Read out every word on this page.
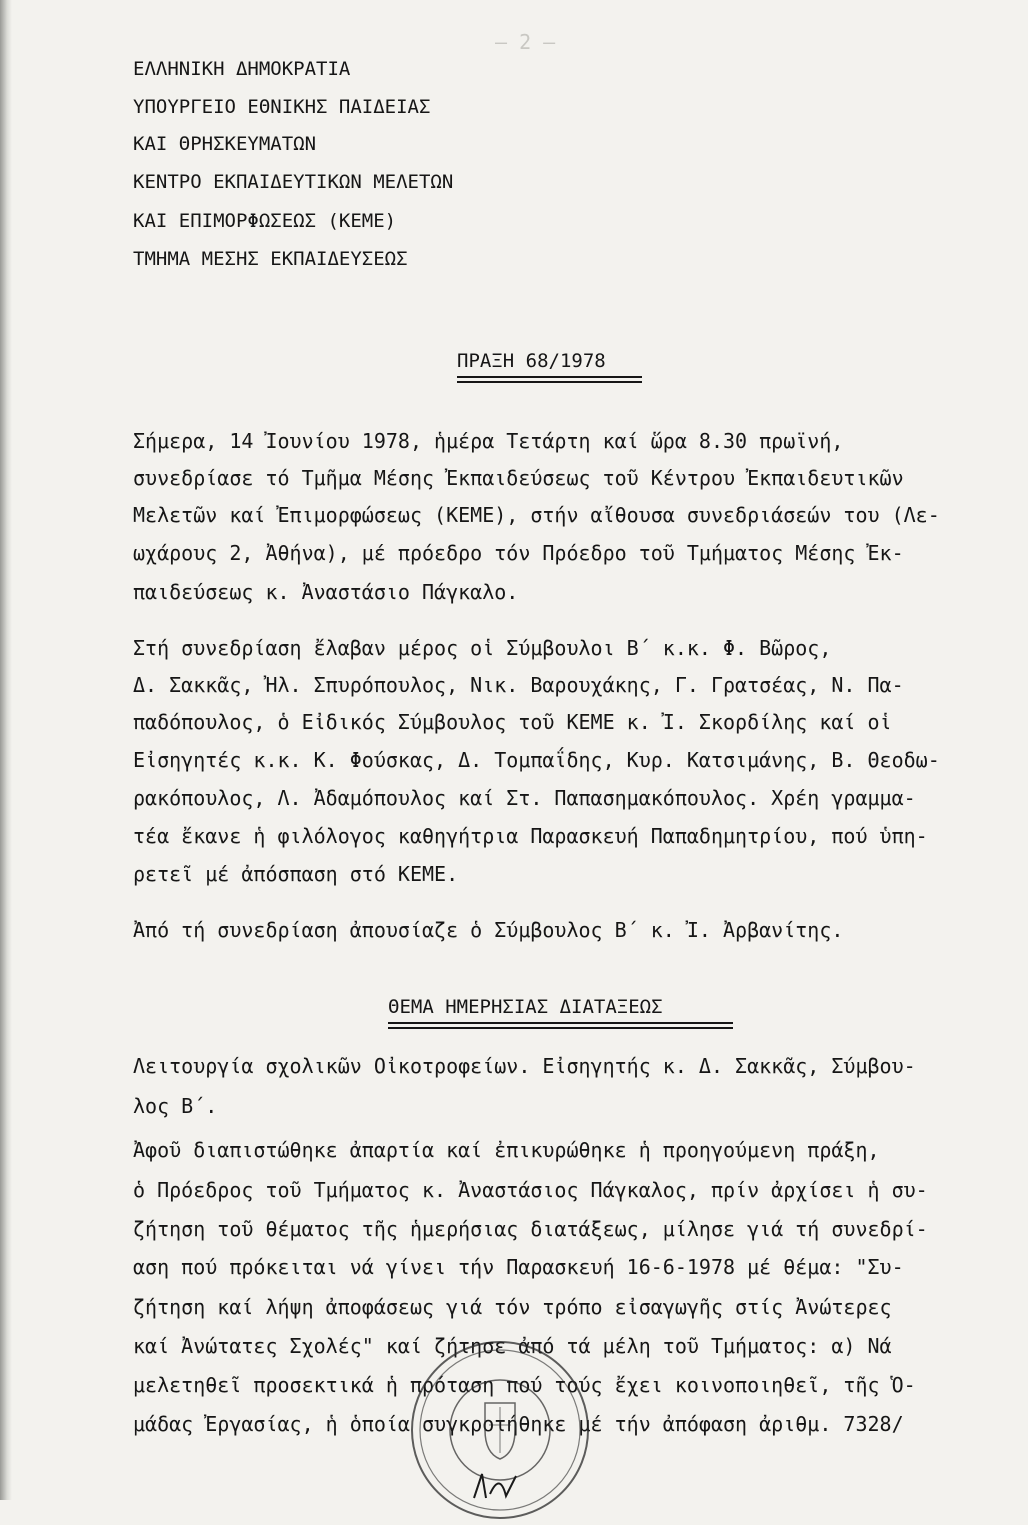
– 2 –
ΕΛΛΗΝΙΚΗ ΔΗΜΟΚΡΑΤΙΑ
ΥΠΟΥΡΓΕΙΟ ΕΘΝΙΚΗΣ ΠΑΙΔΕΙΑΣ
ΚΑΙ ΘΡΗΣΚΕΥΜΑΤΩΝ
ΚΕΝΤΡΟ ΕΚΠΑΙΔΕΥΤΙΚΩΝ ΜΕΛΕΤΩΝ
ΚΑΙ ΕΠΙΜΟΡΦΩΣΕΩΣ (ΚΕΜΕ)
ΤΜΗΜΑ ΜΕΣΗΣ ΕΚΠΑΙΔΕΥΣΕΩΣ
ΠΡΑΞΗ 68/1978
Σήμερα, 14 Ἰουνίου 1978, ἡμέρα Τετάρτη καί ὥρα 8.30 πρωϊνή,
συνεδρίασε τό Τμῆμα Μέσης Ἐκπαιδεύσεως τοῦ Κέντρου Ἐκπαιδευτικῶν
Μελετῶν καί Ἐπιμορφώσεως (ΚΕΜΕ), στήν αἴθουσα συνεδριάσεών του (Λε-
ωχάρους 2, Ἀθήνα), μέ πρόεδρο τόν Πρόεδρο τοῦ Τμήματος Μέσης Ἐκ-
παιδεύσεως κ. Ἀναστάσιο Πάγκαλο.
Στή συνεδρίαση ἔλαβαν μέρος οἱ Σύμβουλοι Β΄ κ.κ. Φ. Βῶρος,
Δ. Σακκᾶς, Ἠλ. Σπυρόπουλος, Νικ. Βαρουχάκης, Γ. Γρατσέας, Ν. Πα-
παδόπουλος, ὁ Εἰδικός Σύμβουλος τοῦ ΚΕΜΕ κ. Ἰ. Σκορδίλης καί οἱ
Εἰσηγητές κ.κ. Κ. Φούσκας, Δ. Τομπαΐδης, Κυρ. Κατσιμάνης, Β. Θεοδω-
ρακόπουλος, Λ. Ἀδαμόπουλος καί Στ. Παπασημακόπουλος. Χρέη γραμμα-
τέα ἔκανε ἡ φιλόλογος καθηγήτρια Παρασκευή Παπαδημητρίου, πού ὑπη-
ρετεῖ μέ ἀπόσπαση στό ΚΕΜΕ.
Ἀπό τή συνεδρίαση ἀπουσίαζε ὁ Σύμβουλος Β΄ κ. Ἰ. Ἀρβανίτης.
ΘΕΜΑ ΗΜΕΡΗΣΙΑΣ ΔΙΑΤΑΞΕΩΣ
Λειτουργία σχολικῶν Οἰκοτροφείων. Εἰσηγητής κ. Δ. Σακκᾶς, Σύμβου-
λος Β΄.
Ἀφοῦ διαπιστώθηκε ἀπαρτία καί ἐπικυρώθηκε ἡ προηγούμενη πράξη,
ὁ Πρόεδρος τοῦ Τμήματος κ. Ἀναστάσιος Πάγκαλος, πρίν ἀρχίσει ἡ συ-
ζήτηση τοῦ θέματος τῆς ἡμερήσιας διατάξεως, μίλησε γιά τή συνεδρί-
αση πού πρόκειται νά γίνει τήν Παρασκευή 16-6-1978 μέ θέμα: "Συ-
ζήτηση καί λήψη ἀποφάσεως γιά τόν τρόπο εἰσαγωγῆς στίς Ἀνώτερες
καί Ἀνώτατες Σχολές" καί ζήτησε ἀπό τά μέλη τοῦ Τμήματος: α) Νά
μελετηθεῖ προσεκτικά ἡ πρόταση πού τούς ἔχει κοινοποιηθεῖ, τῆς Ὁ-
μάδας Ἐργασίας, ἡ ὁποία συγκροτήθηκε μέ τήν ἀπόφαση ἀριθμ. 7328/
